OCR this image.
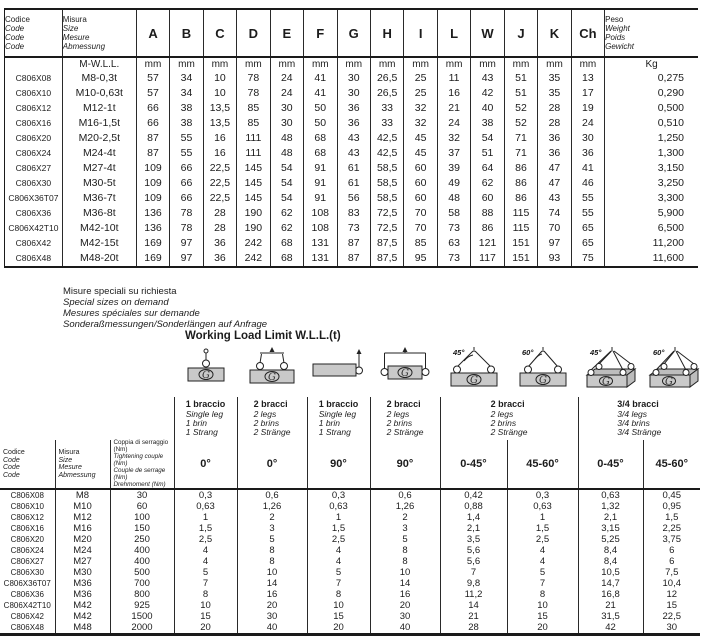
Codice
Code
Code
Code

Misura
Size
Mesure
Abmessung
	A	B	C	D	E	F	G	H	I	L	W	J	K	Ch	
Peso
Weight
Poids
Gewicht

	M-W.L.L.	mm	mm	mm	mm	mm	mm	mm	mm	mm	mm	mm	mm	mm	mm	Kg
C806X08	M8-0,3t	57	34	10	78	24	41	30	26,5	25	11	43	51	35	13	0,275
C806X10	M10-0,63t	57	34	10	78	24	41	30	26,5	25	16	42	51	35	17	0,290
C806X12	M12-1t	66	38	13,5	85	30	50	36	33	32	21	40	52	28	19	0,500
C806X16	M16-1,5t	66	38	13,5	85	30	50	36	33	32	24	38	52	28	24	0,510
C806X20	M20-2,5t	87	55	16	111	48	68	43	42,5	45	32	54	71	36	30	1,250
C806X24	M24-4t	87	55	16	111	48	68	43	42,5	45	37	51	71	36	36	1,300
C806X27	M27-4t	109	66	22,5	145	54	91	61	58,5	60	39	64	86	47	41	3,150
C806X30	M30-5t	109	66	22,5	145	54	91	61	58,5	60	49	62	86	47	46	3,250
C806X36T07	M36-7t	109	66	22,5	145	54	91	56	58,5	60	48	60	86	43	55	3,300
C806X36	M36-8t	136	78	28	190	62	108	83	72,5	70	58	88	115	74	55	5,900
C806X42T10	M42-10t	136	78	28	190	62	108	73	72,5	70	73	86	115	70	65	6,500
C806X42	M42-15t	169	97	36	242	68	131	87	87,5	85	63	121	151	97	65	11,200
C806X48	M48-20t	169	97	36	242	68	131	87	87,5	95	73	117	151	93	75	11,600
Misure speciali su richiesta
Special sizes on demand
Mesures spéciales sur demande
Sonderaßmessungen/Sonderlängen auf Anfrage
Working Load Limit W.L.L.(t)

G	G		G	45°
G	60°
G	45°
G	60°
G

1 braccio
Single leg
1 brin
1 Strang

2 bracci
2 legs
2 brins
2 Stränge

1 braccio
Single leg
1 brin
1 Strang

2 bracci
2 legs
2 brins
2 Stränge

2 bracci
2 legs
2 brins
2 Stränge

3/4 bracci
3/4 legs
3/4 brins
3/4 Stränge

Codice
Code
Code
Code

Misura
Size
Mesure
Abmessung

Coppia di serraggio (Nm)
Tightening couple (Nm)
Couple de serrage (Nm)
Drehmoment (Nm)
	0°	0°	90°	90°	0-45°	45-60°	0-45°	45-60°
C806X08	M8	30	0,3	0,6	0,3	0,6	0,42	0,3	0,63	0,45
C806X10	M10	60	0,63	1,26	0,63	1,26	0,88	0,63	1,32	0,95
C806X12	M12	100	1	2	1	2	1,4	1	2,1	1,5
C806X16	M16	150	1,5	3	1,5	3	2,1	1,5	3,15	2,25
C806X20	M20	250	2,5	5	2,5	5	3,5	2,5	5,25	3,75
C806X24	M24	400	4	8	4	8	5,6	4	8,4	6
C806X27	M27	400	4	8	4	8	5,6	4	8,4	6
C806X30	M30	500	5	10	5	10	7	5	10,5	7,5
C806X36T07	M36	700	7	14	7	14	9,8	7	14,7	10,4
C806X36	M36	800	8	16	8	16	11,2	8	16,8	12
C806X42T10	M42	925	10	20	10	20	14	10	21	15
C806X42	M42	1500	15	30	15	30	21	15	31,5	22,5
C806X48	M48	2000	20	40	20	40	28	20	42	30
